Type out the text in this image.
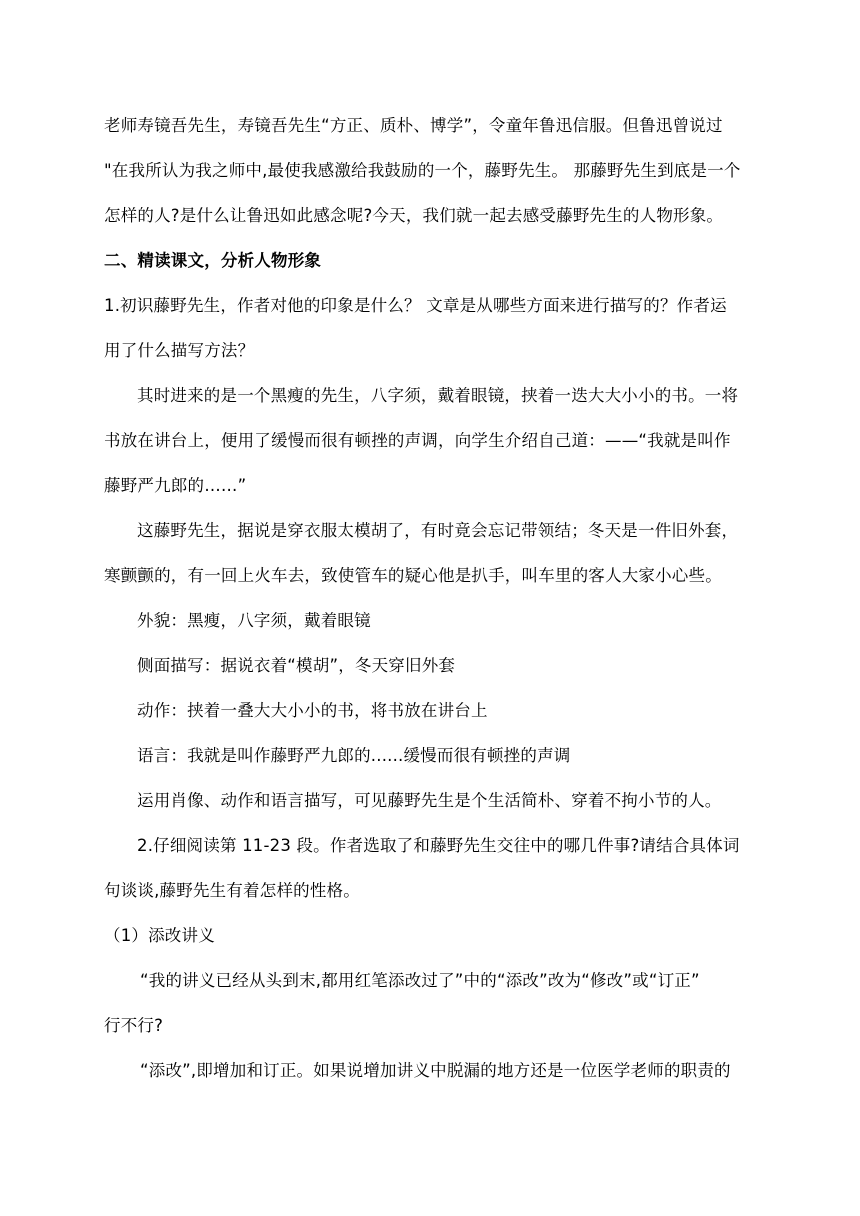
老师寿镜吾先生，寿镜吾先生“方正、质朴、博学”，令童年鲁迅信服。但鲁迅曾说过
"在我所认为我之师中,最使我感激给我鼓励的一个，藤野先生。 那藤野先生到底是一个
怎样的人?是什么让鲁迅如此感念呢?今天，我们就一起去感受藤野先生的人物形象。
二、精读课文，分析人物形象
1.初识藤野先生，作者对他的印象是什么？ 文章是从哪些方面来进行描写的？作者运
用了什么描写方法？
其时进来的是一个黑瘦的先生，八字须，戴着眼镜，挟着一迭大大小小的书。一将
书放在讲台上，便用了缓慢而很有顿挫的声调，向学生介绍自己道：——“我就是叫作
藤野严九郎的……”
这藤野先生，据说是穿衣服太模胡了，有时竟会忘记带领结；冬天是一件旧外套，
寒颤颤的，有一回上火车去，致使管车的疑心他是扒手，叫车里的客人大家小心些。
外貌：黑瘦，八字须，戴着眼镜
侧面描写：据说衣着“模胡”，冬天穿旧外套
动作：挟着一叠大大小小的书，将书放在讲台上
语言：我就是叫作藤野严九郎的......缓慢而很有顿挫的声调
运用肖像、动作和语言描写，可见藤野先生是个生活简朴、穿着不拘小节的人。
2.仔细阅读第 11-23 段。作者选取了和藤野先生交往中的哪几件事?请结合具体词
句谈谈,藤野先生有着怎样的性格。
（1）添改讲义
“我的讲义已经从头到末,都用红笔添改过了”中的“添改”改为“修改”或“订正”
行不行?
“添改”,即增加和订正。如果说增加讲义中脱漏的地方还是一位医学老师的职责的
